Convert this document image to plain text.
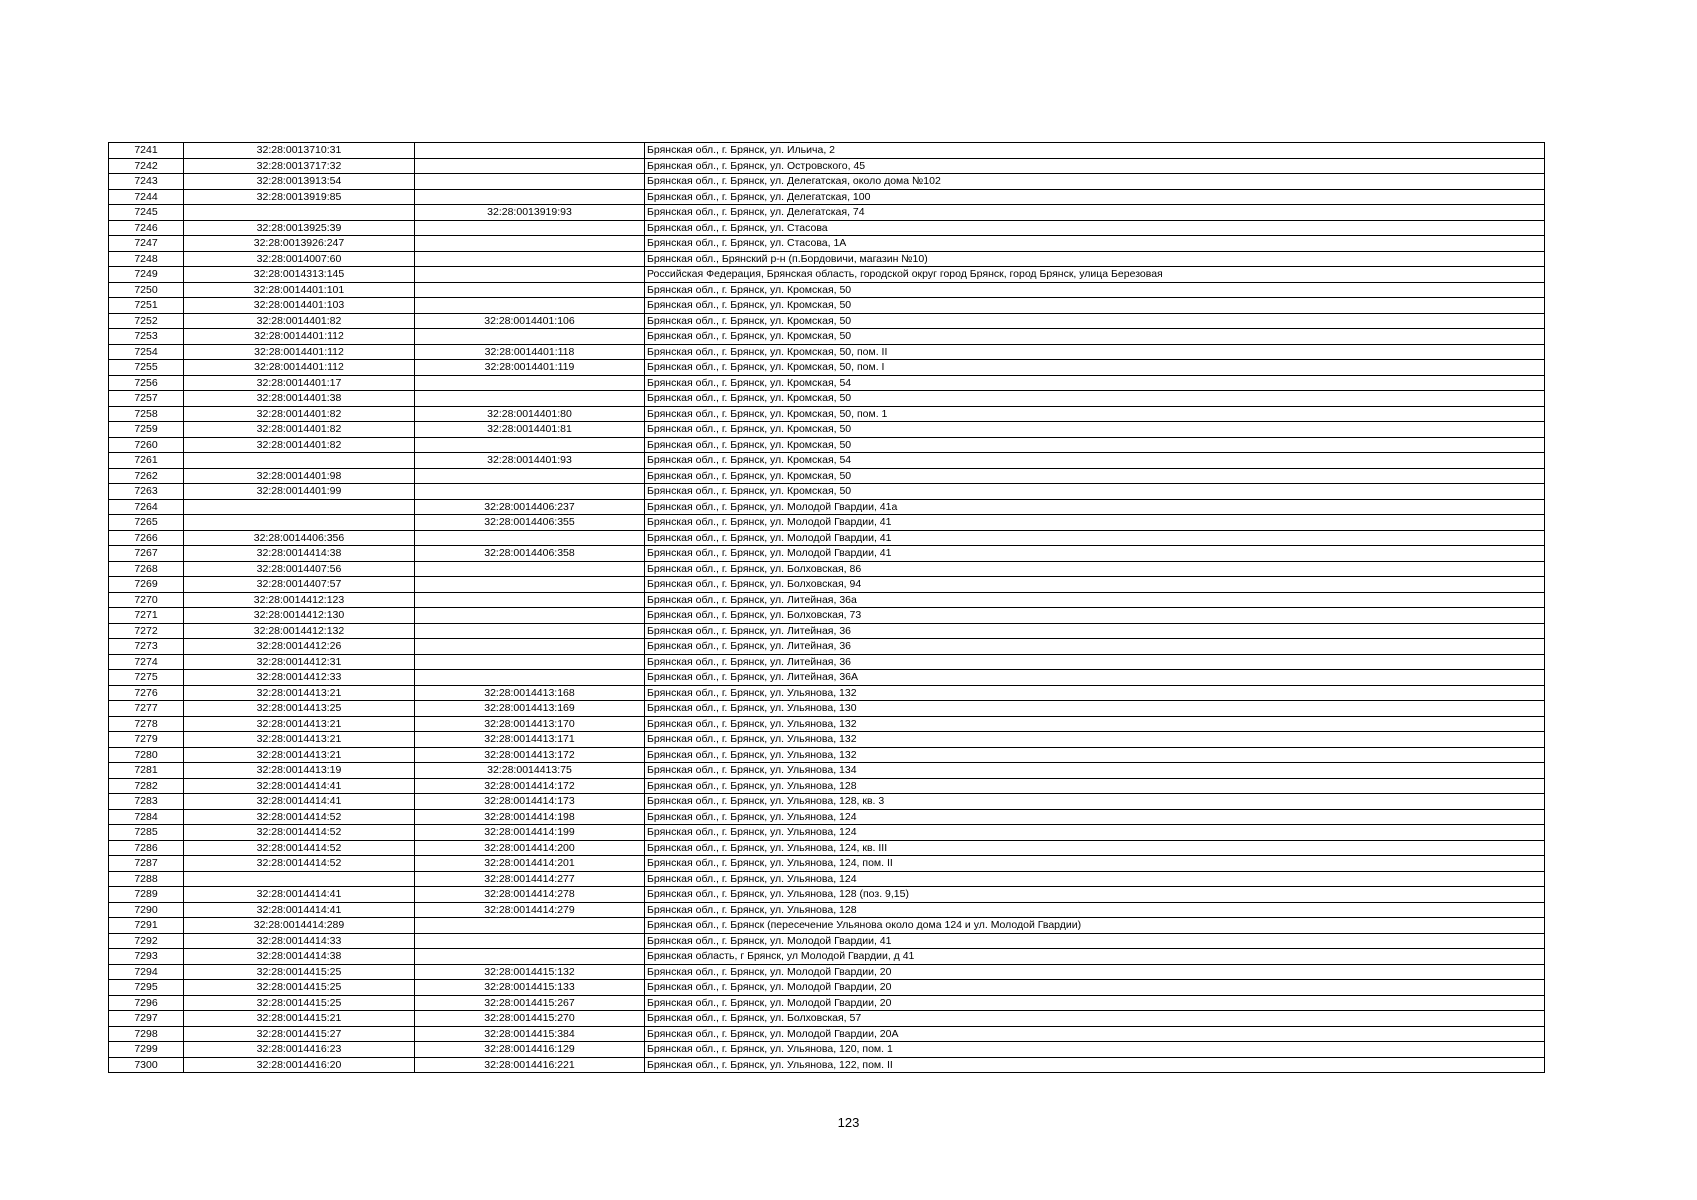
7241	32:28:0013710:31		Брянская обл., г. Брянск, ул. Ильича, 2
7242	32:28:0013717:32		Брянская обл., г. Брянск, ул. Островского, 45
7243	32:28:0013913:54		Брянская обл., г. Брянск, ул. Делегатская, около дома №102
7244	32:28:0013919:85		Брянская обл., г. Брянск, ул. Делегатская, 100
7245		32:28:0013919:93	Брянская обл., г. Брянск, ул. Делегатская, 74
7246	32:28:0013925:39		Брянская обл., г. Брянск, ул. Стасова
7247	32:28:0013926:247		Брянская обл., г. Брянск, ул. Стасова, 1А
7248	32:28:0014007:60		Брянская обл., Брянский р-н (п.Бордовичи, магазин №10)
7249	32:28:0014313:145		Российская Федерация, Брянская область, городской округ город Брянск, город Брянск, улица Березовая
7250	32:28:0014401:101		Брянская обл., г. Брянск, ул. Кромская, 50
7251	32:28:0014401:103		Брянская обл., г. Брянск, ул. Кромская, 50
7252	32:28:0014401:82	32:28:0014401:106	Брянская обл., г. Брянск, ул. Кромская, 50
7253	32:28:0014401:112		Брянская обл., г. Брянск, ул. Кромская, 50
7254	32:28:0014401:112	32:28:0014401:118	Брянская обл., г. Брянск, ул. Кромская, 50, пом. II
7255	32:28:0014401:112	32:28:0014401:119	Брянская обл., г. Брянск, ул. Кромская, 50, пом. I
7256	32:28:0014401:17		Брянская обл., г. Брянск, ул. Кромская, 54
7257	32:28:0014401:38		Брянская обл., г. Брянск, ул. Кромская, 50
7258	32:28:0014401:82	32:28:0014401:80	Брянская обл., г. Брянск, ул. Кромская, 50, пом. 1
7259	32:28:0014401:82	32:28:0014401:81	Брянская обл., г. Брянск, ул. Кромская, 50
7260	32:28:0014401:82		Брянская обл., г. Брянск, ул. Кромская, 50
7261		32:28:0014401:93	Брянская обл., г. Брянск, ул. Кромская, 54
7262	32:28:0014401:98		Брянская обл., г. Брянск, ул. Кромская, 50
7263	32:28:0014401:99		Брянская обл., г. Брянск, ул. Кромская, 50
7264		32:28:0014406:237	Брянская обл., г. Брянск, ул. Молодой Гвардии, 41а
7265		32:28:0014406:355	Брянская обл., г. Брянск, ул. Молодой Гвардии, 41
7266	32:28:0014406:356		Брянская обл., г. Брянск, ул. Молодой Гвардии, 41
7267	32:28:0014414:38	32:28:0014406:358	Брянская обл., г. Брянск, ул. Молодой Гвардии, 41
7268	32:28:0014407:56		Брянская обл., г. Брянск, ул. Болховская, 86
7269	32:28:0014407:57		Брянская обл., г. Брянск, ул. Болховская, 94
7270	32:28:0014412:123		Брянская обл., г. Брянск, ул. Литейная, 36а
7271	32:28:0014412:130		Брянская обл., г. Брянск, ул. Болховская, 73
7272	32:28:0014412:132		Брянская обл., г. Брянск, ул. Литейная, 36
7273	32:28:0014412:26		Брянская обл., г. Брянск, ул. Литейная, 36
7274	32:28:0014412:31		Брянская обл., г. Брянск, ул. Литейная, 36
7275	32:28:0014412:33		Брянская обл., г. Брянск, ул. Литейная, 36А
7276	32:28:0014413:21	32:28:0014413:168	Брянская обл., г. Брянск, ул. Ульянова, 132
7277	32:28:0014413:25	32:28:0014413:169	Брянская обл., г. Брянск, ул. Ульянова, 130
7278	32:28:0014413:21	32:28:0014413:170	Брянская обл., г. Брянск, ул. Ульянова, 132
7279	32:28:0014413:21	32:28:0014413:171	Брянская обл., г. Брянск, ул. Ульянова, 132
7280	32:28:0014413:21	32:28:0014413:172	Брянская обл., г. Брянск, ул. Ульянова, 132
7281	32:28:0014413:19	32:28:0014413:75	Брянская обл., г. Брянск, ул. Ульянова, 134
7282	32:28:0014414:41	32:28:0014414:172	Брянская обл., г. Брянск, ул. Ульянова, 128
7283	32:28:0014414:41	32:28:0014414:173	Брянская обл., г. Брянск, ул. Ульянова, 128, кв. 3
7284	32:28:0014414:52	32:28:0014414:198	Брянская обл., г. Брянск, ул. Ульянова, 124
7285	32:28:0014414:52	32:28:0014414:199	Брянская обл., г. Брянск, ул. Ульянова, 124
7286	32:28:0014414:52	32:28:0014414:200	Брянская обл., г. Брянск, ул. Ульянова, 124, кв. III
7287	32:28:0014414:52	32:28:0014414:201	Брянская обл., г. Брянск, ул. Ульянова, 124, пом. II
7288		32:28:0014414:277	Брянская обл., г. Брянск, ул. Ульянова, 124
7289	32:28:0014414:41	32:28:0014414:278	Брянская обл., г. Брянск, ул. Ульянова, 128 (поз. 9,15)
7290	32:28:0014414:41	32:28:0014414:279	Брянская обл., г. Брянск, ул. Ульянова, 128
7291	32:28:0014414:289		Брянская обл., г. Брянск (пересечение Ульянова около дома 124 и ул. Молодой Гвардии)
7292	32:28:0014414:33		Брянская обл., г. Брянск, ул. Молодой Гвардии, 41
7293	32:28:0014414:38		Брянская область, г Брянск, ул Молодой Гвардии, д 41
7294	32:28:0014415:25	32:28:0014415:132	Брянская обл., г. Брянск, ул. Молодой Гвардии, 20
7295	32:28:0014415:25	32:28:0014415:133	Брянская обл., г. Брянск, ул. Молодой Гвардии, 20
7296	32:28:0014415:25	32:28:0014415:267	Брянская обл., г. Брянск, ул. Молодой Гвардии, 20
7297	32:28:0014415:21	32:28:0014415:270	Брянская обл., г. Брянск, ул. Болховская, 57
7298	32:28:0014415:27	32:28:0014415:384	Брянская обл., г. Брянск, ул. Молодой Гвардии, 20А
7299	32:28:0014416:23	32:28:0014416:129	Брянская обл., г. Брянск, ул. Ульянова, 120, пом. 1
7300	32:28:0014416:20	32:28:0014416:221	Брянская обл., г. Брянск, ул. Ульянова, 122, пом. II
123
